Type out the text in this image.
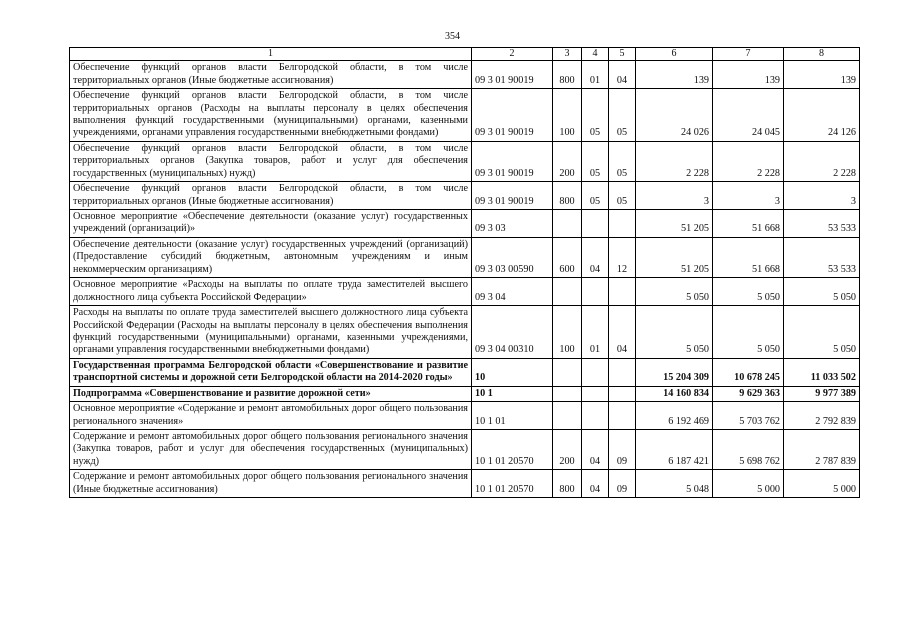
354
1	2	3	4	5	6	7	8
Обеспечение функций органов власти Белгородской области, в том числе территориальных органов (Иные бюджетные ассигнования)	09 3 01 90019	800	01	04	139	139	139
Обеспечение функций органов власти Белгородской области, в том числе территориальных органов (Расходы на выплаты персоналу в целях обеспечения выполнения функций государственными (муниципальными) органами, казенными учреждениями, органами управления государственными внебюджетными фондами)	09 3 01 90019	100	05	05	24 026	24 045	24 126
Обеспечение функций органов власти Белгородской области, в том числе территориальных органов (Закупка товаров, работ и услуг для обеспечения государственных (муниципальных) нужд)	09 3 01 90019	200	05	05	2 228	2 228	2 228
Обеспечение функций органов власти Белгородской области, в том числе территориальных органов (Иные бюджетные ассигнования)	09 3 01 90019	800	05	05	3	3	3
Основное мероприятие «Обеспечение деятельности (оказание услуг) государственных учреждений (организаций)»	09 3 03				51 205	51 668	53 533
Обеспечение деятельности (оказание услуг) государственных учреждений (организаций) (Предоставление субсидий бюджетным, автономным учреждениям и иным некоммерческим организациям)	09 3 03 00590	600	04	12	51 205	51 668	53 533
Основное мероприятие «Расходы на выплаты по оплате труда заместителей высшего должностного лица субъекта Российской Федерации»	09 3 04				5 050	5 050	5 050
Расходы на выплаты по оплате труда заместителей высшего должностного лица субъекта Российской Федерации (Расходы на выплаты персоналу в целях обеспечения выполнения функций государственными (муниципальными) органами, казенными учреждениями, органами управления государственными внебюджетными фондами)	09 3 04 00310	100	01	04	5 050	5 050	5 050
Государственная программа Белгородской области «Совершенствование и развитие транспортной системы и дорожной сети Белгородской области на 2014-2020 годы»	10				15 204 309	10 678 245	11 033 502
Подпрограмма «Совершенствование и развитие дорожной сети»	10 1				14 160 834	9 629 363	9 977 389
Основное мероприятие «Содержание и ремонт автомобильных дорог общего пользования регионального значения»	10 1 01				6 192 469	5 703 762	2 792 839
Содержание и ремонт автомобильных дорог общего пользования регионального значения (Закупка товаров, работ и услуг для обеспечения государственных (муниципальных) нужд)	10 1 01 20570	200	04	09	6 187 421	5 698 762	2 787 839
Содержание и ремонт автомобильных дорог общего пользования регионального значения (Иные бюджетные ассигнования)	10 1 01 20570	800	04	09	5 048	5 000	5 000
